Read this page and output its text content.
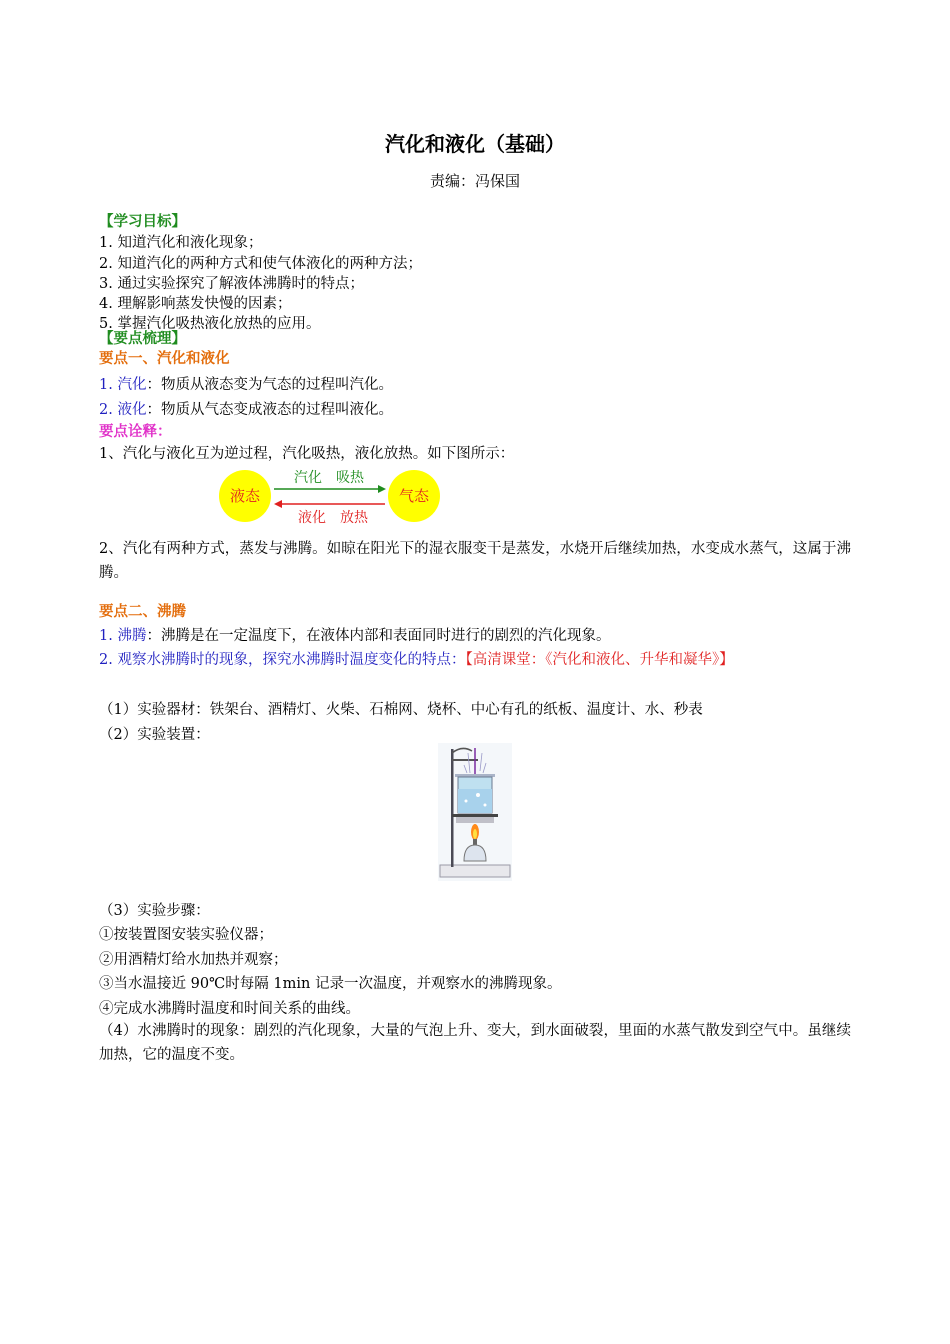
汽化和液化（基础）
责编：冯保国
【学习目标】
1. 知道汽化和液化现象；
2. 知道汽化的两种方式和使气体液化的两种方法；
3. 通过实验探究了解液体沸腾时的特点；
4. 理解影响蒸发快慢的因素；
5. 掌握汽化吸热液化放热的应用。
【要点梳理】
要点一、汽化和液化
1. 汽化：物质从液态变为气态的过程叫汽化。
2. 液化：物质从气态变成液态的过程叫液化。
要点诠释：
1、汽化与液化互为逆过程，汽化吸热，液化放热。如下图所示：
液态	气态
汽化　吸热
液化　放热
2、汽化有两种方式，蒸发与沸腾。如晾在阳光下的湿衣服变干是蒸发，水烧开后继续加热，水变成水蒸气，这属于沸腾。
要点二、沸腾
1. 沸腾：沸腾是在一定温度下，在液体内部和表面同时进行的剧烈的汽化现象。
2. 观察水沸腾时的现象，探究水沸腾时温度变化的特点：【高清课堂：《汽化和液化、升华和凝华》】
（1）实验器材：铁架台、酒精灯、火柴、石棉网、烧杯、中心有孔的纸板、温度计、水、秒表
（2）实验装置：
（3）实验步骤：
①按装置图安装实验仪器；
②用酒精灯给水加热并观察；
③当水温接近 90℃时每隔 1min 记录一次温度，并观察水的沸腾现象。
④完成水沸腾时温度和时间关系的曲线。
（4）水沸腾时的现象：剧烈的汽化现象，大量的气泡上升、变大，到水面破裂，里面的水蒸气散发到空气中。虽继续加热，它的温度不变。
